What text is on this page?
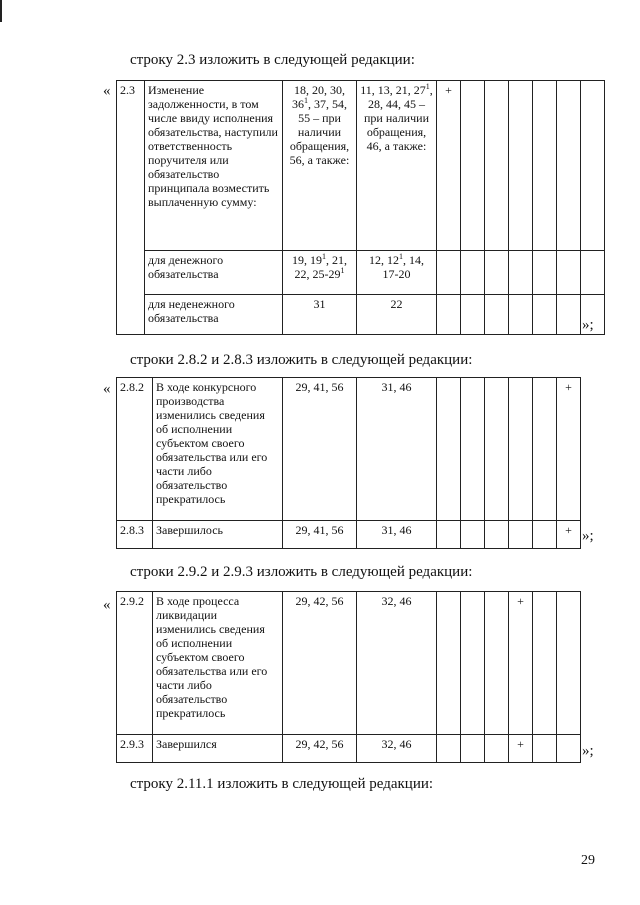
строку 2.3 изложить в следующей редакции:
« 2.3	Изменение задолженности, в том числе ввиду исполнения обязательства, наступили ответственность поручителя или обязательство принципала возместить выплаченную сумму:	18, 20, 30, $36^1$, 37, 54, 55 – при наличии обращения, 56, а также:	11, 13, 21, $27^1$, 28, 44, 45 – при наличии обращения, 46, а также:	+						
	для денежного обязательства	19, $19^1$, 21, 22, $25-29^1$	12, $12^1$, 14, 17-20							
	для неденежного обязательства	31	22							
»;
строки 2.8.2 и 2.8.3 изложить в следующей редакции:
« 2.8.2	В ходе конкурсного производства изменились сведения об исполнении субъектом своего обязательства или его части либо обязательство прекратилось	29, 41, 56	31, 46						+
2.8.3	Завершилось	29, 41, 56	31, 46						+ »;
строки 2.9.2 и 2.9.3 изложить в следующей редакции:
« 2.9.2	В ходе процесса ликвидации изменились сведения об исполнении субъектом своего обязательства или его части либо обязательство прекратилось	29, 42, 56	32, 46				+		
2.9.3	Завершился	29, 42, 56	32, 46				+			»;
строку 2.11.1 изложить в следующей редакции:
29
